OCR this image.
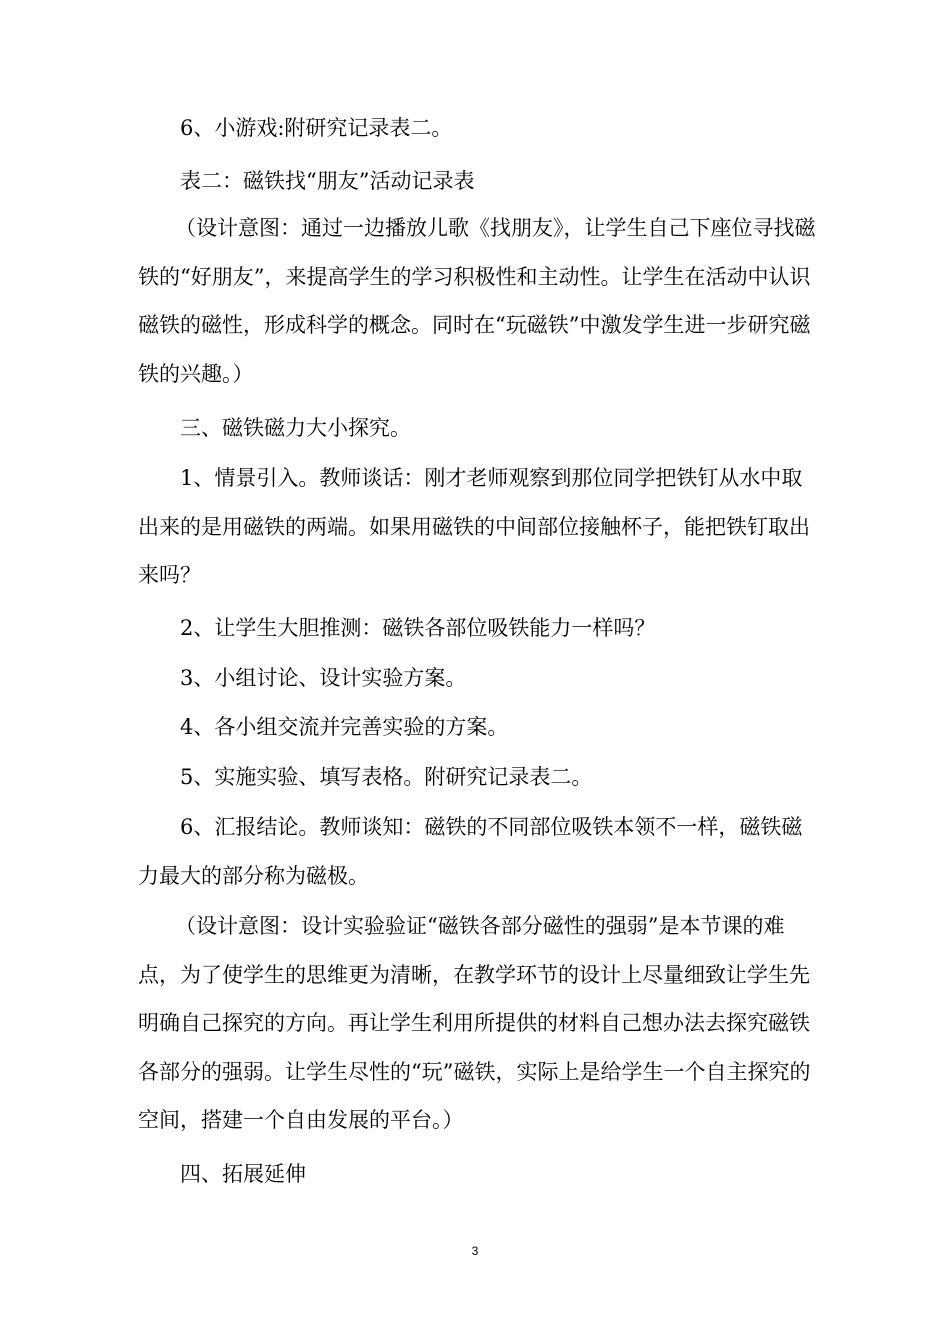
6、小游戏:附研究记录表二。

表二：磁铁找“朋友”活动记录表

（设计意图：通过一边播放儿歌《找朋友》，让学生自己下座位寻找磁铁的“好朋友”，来提高学生的学习积极性和主动性。让学生在活动中认识磁铁的磁性，形成科学的概念。同时在“玩磁铁”中激发学生进一步研究磁铁的兴趣。）

三、磁铁磁力大小探究。

1、情景引入。教师谈话：刚才老师观察到那位同学把铁钉从水中取出来的是用磁铁的两端。如果用磁铁的中间部位接触杯子，能把铁钉取出来吗？

2、让学生大胆推测：磁铁各部位吸铁能力一样吗？

3、小组讨论、设计实验方案。

4、各小组交流并完善实验的方案。

5、实施实验、填写表格。附研究记录表二。

6、汇报结论。教师谈知：磁铁的不同部位吸铁本领不一样，磁铁磁力最大的部分称为磁极。

（设计意图：设计实验验证“磁铁各部分磁性的强弱”是本节课的难点，为了使学生的思维更为清晰，在教学环节的设计上尽量细致让学生先明确自己探究的方向。再让学生利用所提供的材料自己想办法去探究磁铁各部分的强弱。让学生尽性的“玩”磁铁，实际上是给学生一个自主探究的空间，搭建一个自由发展的平台。）

四、拓展延伸

3
